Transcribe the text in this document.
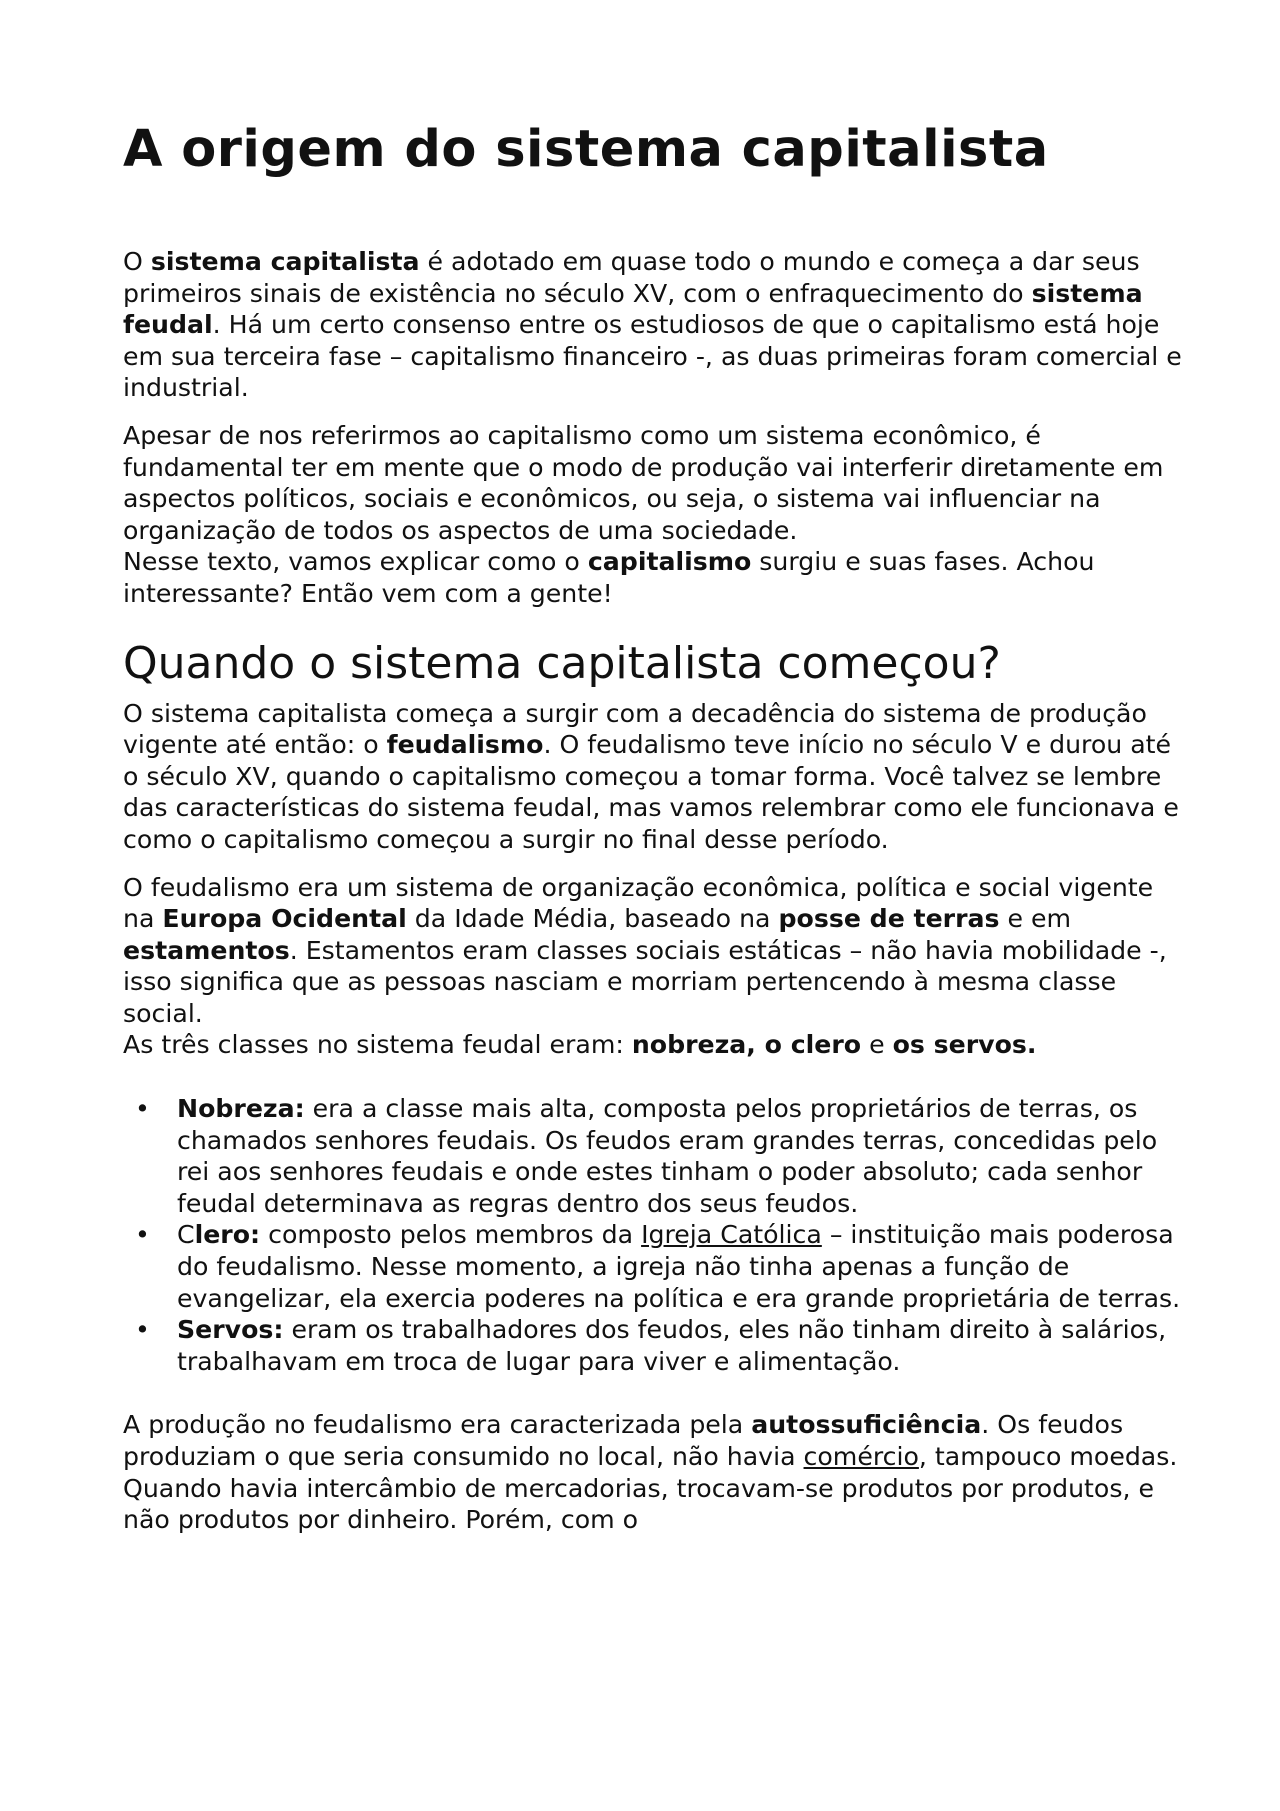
A origem do sistema capitalista

O sistema capitalista é adotado em quase todo o mundo e começa a dar seus primeiros sinais de existência no século XV, com o enfraquecimento do sistema feudal. Há um certo consenso entre os estudiosos de que o capitalismo está hoje em sua terceira fase – capitalismo financeiro -, as duas primeiras foram comercial e industrial.

Apesar de nos referirmos ao capitalismo como um sistema econômico, é fundamental ter em mente que o modo de produção vai interferir diretamente em aspectos políticos, sociais e econômicos, ou seja, o sistema vai influenciar na organização de todos os aspectos de uma sociedade.
Nesse texto, vamos explicar como o capitalismo surgiu e suas fases. Achou interessante? Então vem com a gente!

Quando o sistema capitalista começou?

O sistema capitalista começa a surgir com a decadência do sistema de produção vigente até então: o feudalismo. O feudalismo teve início no século V e durou até o século XV, quando o capitalismo começou a tomar forma. Você talvez se lembre das características do sistema feudal, mas vamos relembrar como ele funcionava e como o capitalismo começou a surgir no final desse período.

O feudalismo era um sistema de organização econômica, política e social vigente na Europa Ocidental da Idade Média, baseado na posse de terras e em estamentos. Estamentos eram classes sociais estáticas – não havia mobilidade -, isso significa que as pessoas nasciam e morriam pertencendo à mesma classe social.
As três classes no sistema feudal eram: nobreza, o clero e os servos.

• Nobreza: era a classe mais alta, composta pelos proprietários de terras, os chamados senhores feudais. Os feudos eram grandes terras, concedidas pelo rei aos senhores feudais e onde estes tinham o poder absoluto; cada senhor feudal determinava as regras dentro dos seus feudos.
• Clero: composto pelos membros da Igreja Católica – instituição mais poderosa do feudalismo. Nesse momento, a igreja não tinha apenas a função de evangelizar, ela exercia poderes na política e era grande proprietária de terras.
• Servos: eram os trabalhadores dos feudos, eles não tinham direito à salários, trabalhavam em troca de lugar para viver e alimentação.

A produção no feudalismo era caracterizada pela autossuficiência. Os feudos produziam o que seria consumido no local, não havia comércio, tampouco moedas. Quando havia intercâmbio de mercadorias, trocavam-se produtos por produtos, e não produtos por dinheiro. Porém, com o
